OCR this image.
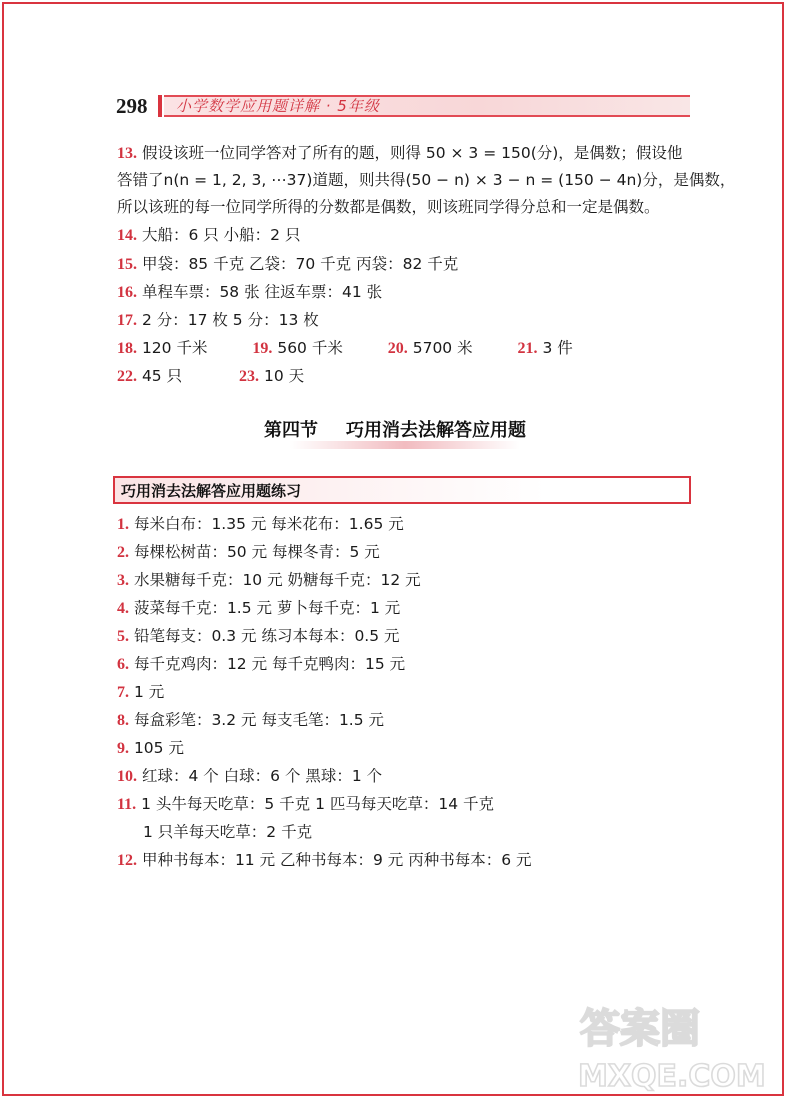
298 小学数学应用题详解 · 5年级
13. 假设该班一位同学答对了所有的题，则得 50 × 3 = 150(分)，是偶数；假设他
答错了n(n = 1, 2, 3, ⋯37)道题，则共得(50 − n) × 3 − n = (150 − 4n)分，是偶数，
所以该班的每一位同学所得的分数都是偶数，则该班同学得分总和一定是偶数。
14. 大船：6 只 小船：2 只
15. 甲袋：85 千克 乙袋：70 千克 丙袋：82 千克
16. 单程车票：58 张 往返车票：41 张
17. 2 分：17 枚 5 分：13 枚
18. 120 千米	19. 560 千米	20. 5700 米	21. 3 件
22. 45 只	23. 10 天
第四节 巧用消去法解答应用题
巧用消去法解答应用题练习
1. 每米白布：1.35 元 每米花布：1.65 元
2. 每棵松树苗：50 元 每棵冬青：5 元
3. 水果糖每千克：10 元 奶糖每千克：12 元
4. 菠菜每千克：1.5 元 萝卜每千克：1 元
5. 铅笔每支：0.3 元 练习本每本：0.5 元
6. 每千克鸡肉：12 元 每千克鸭肉：15 元
7. 1 元
8. 每盒彩笔：3.2 元 每支毛笔：1.5 元
9. 105 元
10. 红球：4 个 白球：6 个 黑球：1 个
11. 1 头牛每天吃草：5 千克 1 匹马每天吃草：14 千克
1 只羊每天吃草：2 千克
12. 甲种书每本：11 元 乙种书每本：9 元 丙种书每本：6 元
答案圈
MXQE.COM
